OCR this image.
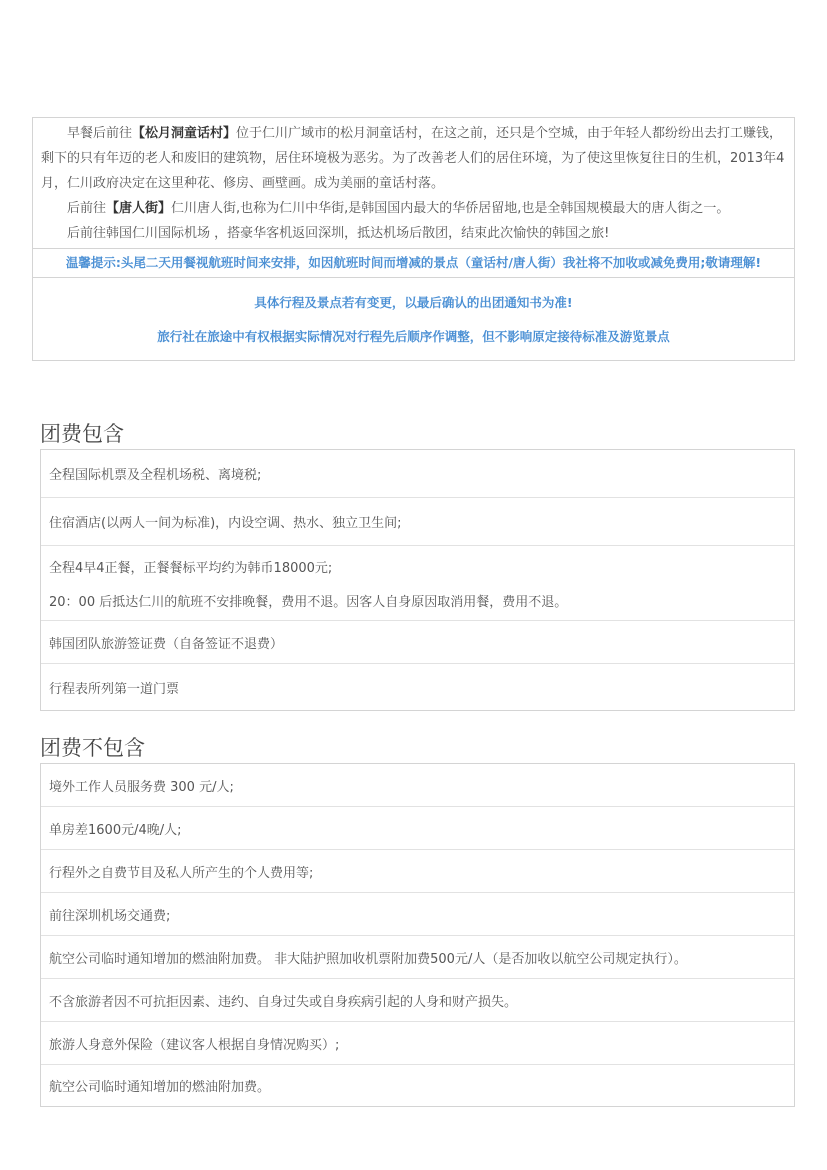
早餐后前往【松月洞童话村】位于仁川广域市的松月洞童话村，在这之前，还只是个空城，由于年轻人都纷纷出去打工赚钱，剩下的只有年迈的老人和废旧的建筑物，居住环境极为恶劣。为了改善老人们的居住环境，为了使这里恢复往日的生机，2013年4月，仁川政府决定在这里种花、修房、画壁画。成为美丽的童话村落。
后前往【唐人街】仁川唐人街,也称为仁川中华街,是韩国国内最大的华侨居留地,也是全韩国规模最大的唐人街之一。
后前往韩国仁川国际机场 ，搭豪华客机返回深圳，抵达机场后散团，结束此次愉快的韩国之旅!
温馨提示:头尾二天用餐视航班时间来安排，如因航班时间而增减的景点（童话村/唐人街）我社将不加收或减免费用;敬请理解!
具体行程及景点若有变更，以最后确认的出团通知书为准!
旅行社在旅途中有权根据实际情况对行程先后顺序作调整，但不影响原定接待标准及游览景点
团费包含
全程国际机票及全程机场税、离境税;
住宿酒店(以两人一间为标准)，内设空调、热水、独立卫生间;
全程4早4正餐，正餐餐标平均约为韩币18000元;
20：00 后抵达仁川的航班不安排晚餐，费用不退。因客人自身原因取消用餐，费用不退。
韩国团队旅游签证费（自备签证不退费）
行程表所列第一道门票
团费不包含
境外工作人员服务费 300 元/人;
单房差1600元/4晚/人;
行程外之自费节目及私人所产生的个人费用等;
前往深圳机场交通费;
航空公司临时通知增加的燃油附加费。 非大陆护照加收机票附加费500元/人（是否加收以航空公司规定执行）。
不含旅游者因不可抗拒因素、违约、自身过失或自身疾病引起的人身和财产损失。
旅游人身意外保险（建议客人根据自身情况购买）;
航空公司临时通知增加的燃油附加费。
